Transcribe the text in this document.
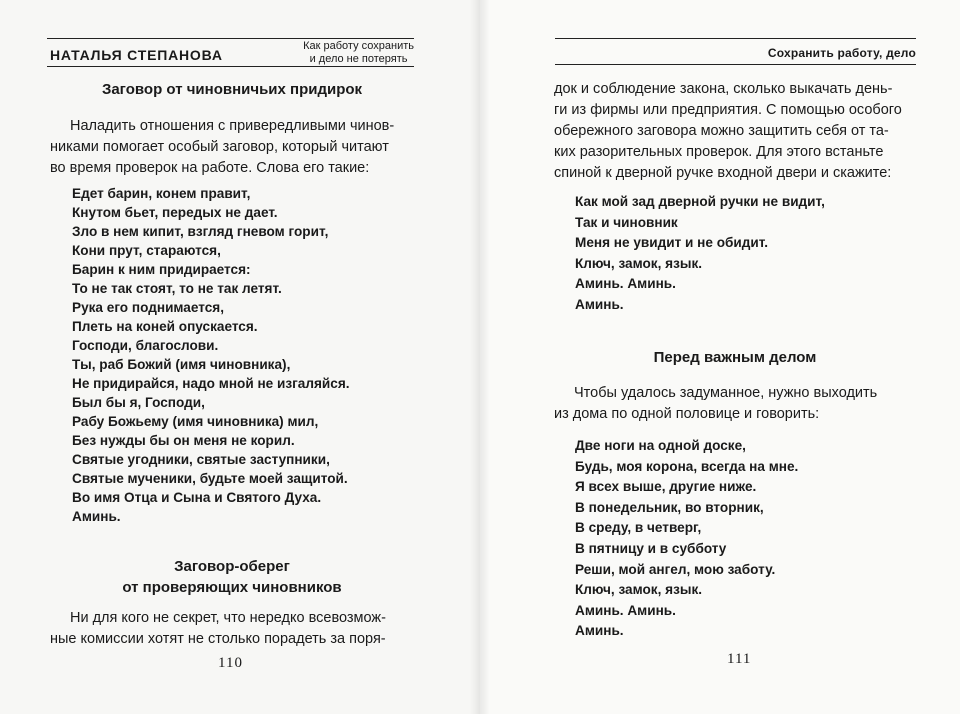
НАТАЛЬЯ СТЕПАНОВА
Как работу сохранить
и дело не потерять
Заговор от чиновничьих придирок
Наладить отношения с привередливыми чинов-
никами помогает особый заговор, который читают
во время проверок на работе. Слова его такие:
Едет барин, конем правит,
Кнутом бьет, передых не дает.
Зло в нем кипит, взгляд гневом горит,
Кони прут, стараются,
Барин к ним придирается:
То не так стоят, то не так летят.
Рука его поднимается,
Плеть на коней опускается.
Господи, благослови.
Ты, раб Божий (имя чиновника),
Не придирайся, надо мной не изгаляйся.
Был бы я, Господи,
Рабу Божьему (имя чиновника) мил,
Без нужды бы он меня не корил.
Святые угодники, святые заступники,
Святые мученики, будьте моей защитой.
Во имя Отца и Сына и Святого Духа.
Аминь.
Заговор-оберег
от проверяющих чиновников
Ни для кого не секрет, что нередко всевозмож-
ные комиссии хотят не столько порадеть за поря-
110
Сохранить работу, дело
док и соблюдение закона, сколько выкачать день-
ги из фирмы или предприятия. С помощью особого
обережного заговора можно защитить себя от та-
ких разорительных проверок. Для этого встаньте
спиной к дверной ручке входной двери и скажите:
Как мой зад дверной ручки не видит,
Так и чиновник
Меня не увидит и не обидит.
Ключ, замок, язык.
Аминь. Аминь.
Аминь.
Перед важным делом
Чтобы удалось задуманное, нужно выходить
из дома по одной половице и говорить:
Две ноги на одной доске,
Будь, моя корона, всегда на мне.
Я всех выше, другие ниже.
В понедельник, во вторник,
В среду, в четверг,
В пятницу и в субботу
Реши, мой ангел, мою заботу.
Ключ, замок, язык.
Аминь. Аминь.
Аминь.
111
